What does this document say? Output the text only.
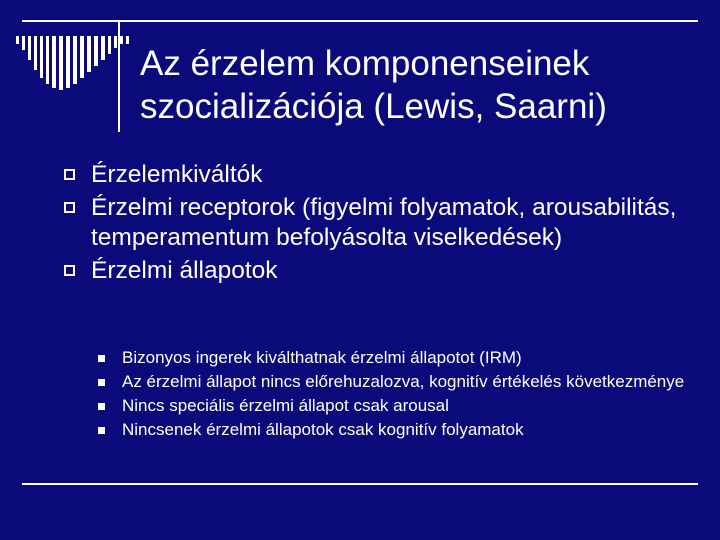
Az érzelem komponenseinek
szocializációja (Lewis, Saarni)
Érzelemkiváltók
Érzelmi receptorok (figyelmi folyamatok, arousabilitás, temperamentum befolyásolta viselkedések)
Érzelmi állapotok
Bizonyos ingerek kiválthatnak érzelmi állapotot (IRM)
Az érzelmi állapot nincs előrehuzalozva, kognitív értékelés következménye
Nincs speciális érzelmi állapot csak arousal
Nincsenek érzelmi állapotok csak kognitív folyamatok
